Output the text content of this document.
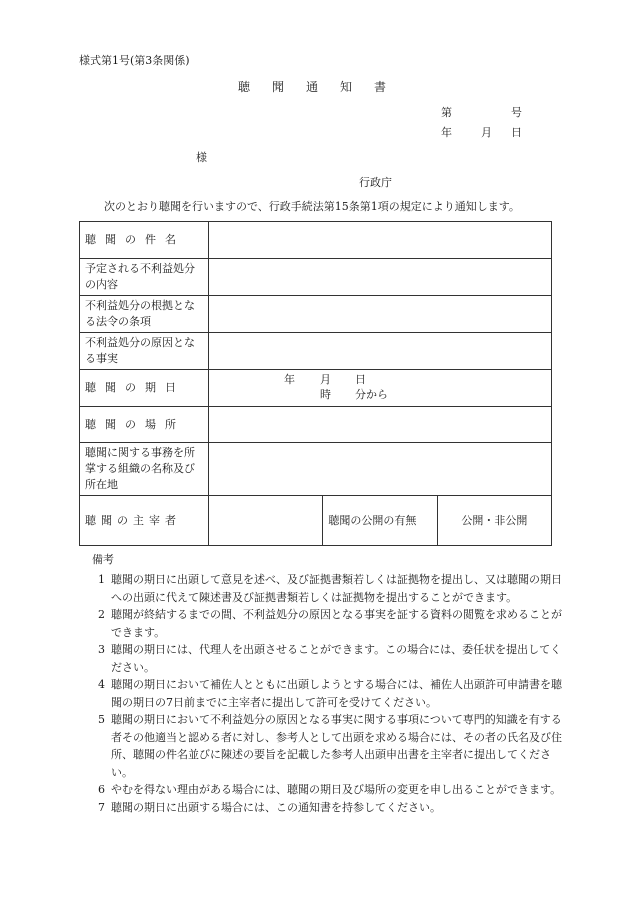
様式第1号(第3条関係)
聴聞通知書
第	号
年	月 日
様
行政庁
次のとおり聴聞を行いますので、行政手続法第15条第1項の規定により通知します。
聴聞の件名			
予定される不利益処分の内容			
不利益処分の根拠となる法令の条項			
不利益処分の原因となる事実			
聴聞の期日	年 月 日
時 分から		

聴聞の場所			
聴聞に関する事務を所掌する組織の名称及び所在地			
聴聞の主宰者		聴聞の公開の有無	公開・非公開
備考
1 聴聞の期日に出頭して意見を述べ、及び証拠書類若しくは証拠物を提出し、又は聴聞の期日への出頭に代えて陳述書及び証拠書類若しくは証拠物を提出することができます。
2 聴聞が終結するまでの間、不利益処分の原因となる事実を証する資料の閲覧を求めることができます。
3 聴聞の期日には、代理人を出頭させることができます。この場合には、委任状を提出してください。
4 聴聞の期日において補佐人とともに出頭しようとする場合には、補佐人出頭許可申請書を聴聞の期日の7日前までに主宰者に提出して許可を受けてください。
5 聴聞の期日において不利益処分の原因となる事実に関する事項について専門的知識を有する者その他適当と認める者に対し、参考人として出頭を求める場合には、その者の氏名及び住所、聴聞の件名並びに陳述の要旨を記載した参考人出頭申出書を主宰者に提出してください。
6 やむを得ない理由がある場合には、聴聞の期日及び場所の変更を申し出ることができます。
7 聴聞の期日に出頭する場合には、この通知書を持参してください。
